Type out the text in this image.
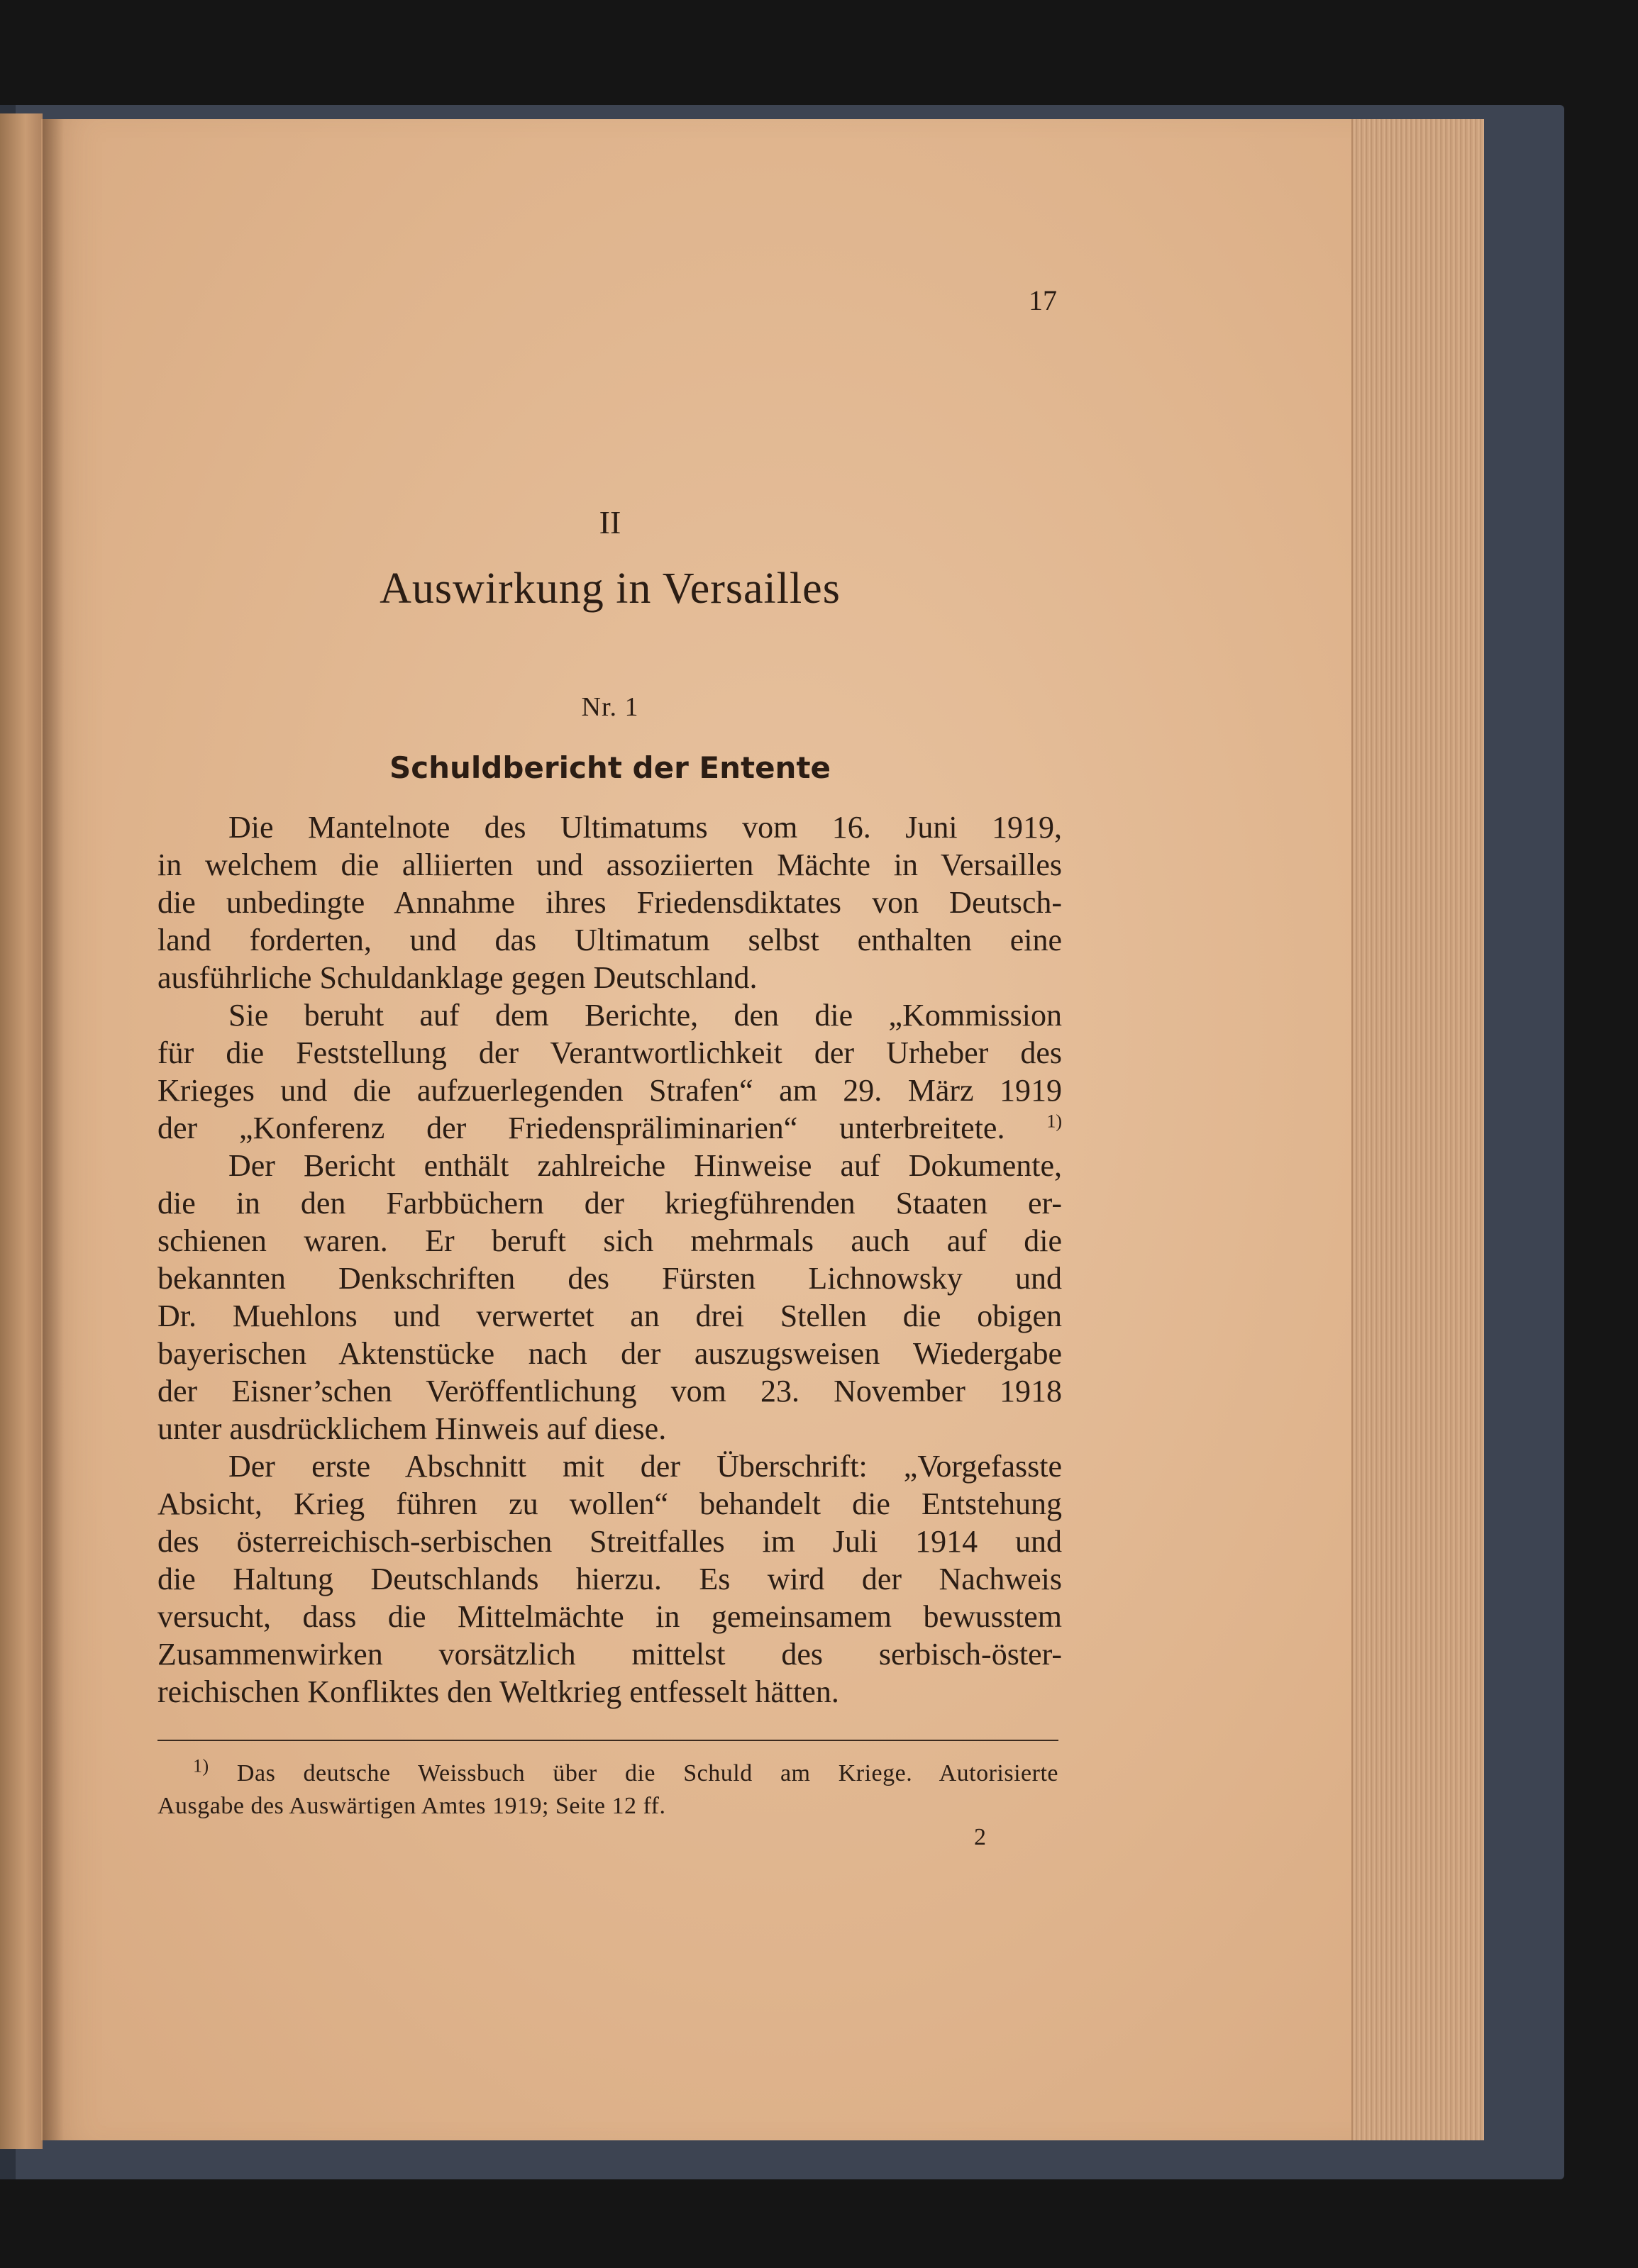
17
II
Auswirkung in Versailles
Nr. 1
Schuldbericht der Entente
Die Mantelnote des Ultimatums vom 16. Juni 1919,
in welchem die alliierten und assoziierten Mächte in Versailles
die unbedingte Annahme ihres Friedensdiktates von Deutsch-
land forderten, und das Ultimatum selbst enthalten eine
ausführliche Schuldanklage gegen Deutschland.
Sie beruht auf dem Berichte, den die „Kommission
für die Feststellung der Verantwortlichkeit der Urheber des
Krieges und die aufzuerlegenden Strafen“ am 29. März 1919
der „Konferenz der Friedenspräliminarien“ unterbreitete. $^{1)}$
Der Bericht enthält zahlreiche Hinweise auf Dokumente,
die in den Farbbüchern der kriegführenden Staaten er-
schienen waren. Er beruft sich mehrmals auch auf die
bekannten Denkschriften des Fürsten Lichnowsky und
Dr. Muehlons und verwertet an drei Stellen die obigen
bayerischen Aktenstücke nach der auszugsweisen Wiedergabe
der Eisner’schen Veröffentlichung vom 23. November 1918
unter ausdrücklichem Hinweis auf diese.
Der erste Abschnitt mit der Überschrift: „Vorgefasste
Absicht, Krieg führen zu wollen“ behandelt die Entstehung
des österreichisch-serbischen Streitfalles im Juli 1914 und
die Haltung Deutschlands hierzu. Es wird der Nachweis
versucht, dass die Mittelmächte in gemeinsamem bewusstem
Zusammenwirken vorsätzlich mittelst des serbisch-öster-
reichischen Konfliktes den Weltkrieg entfesselt hätten.
$^{1)}$ Das deutsche Weissbuch über die Schuld am Kriege. Autorisierte
Ausgabe des Auswärtigen Amtes 1919; Seite 12 ff.
2
